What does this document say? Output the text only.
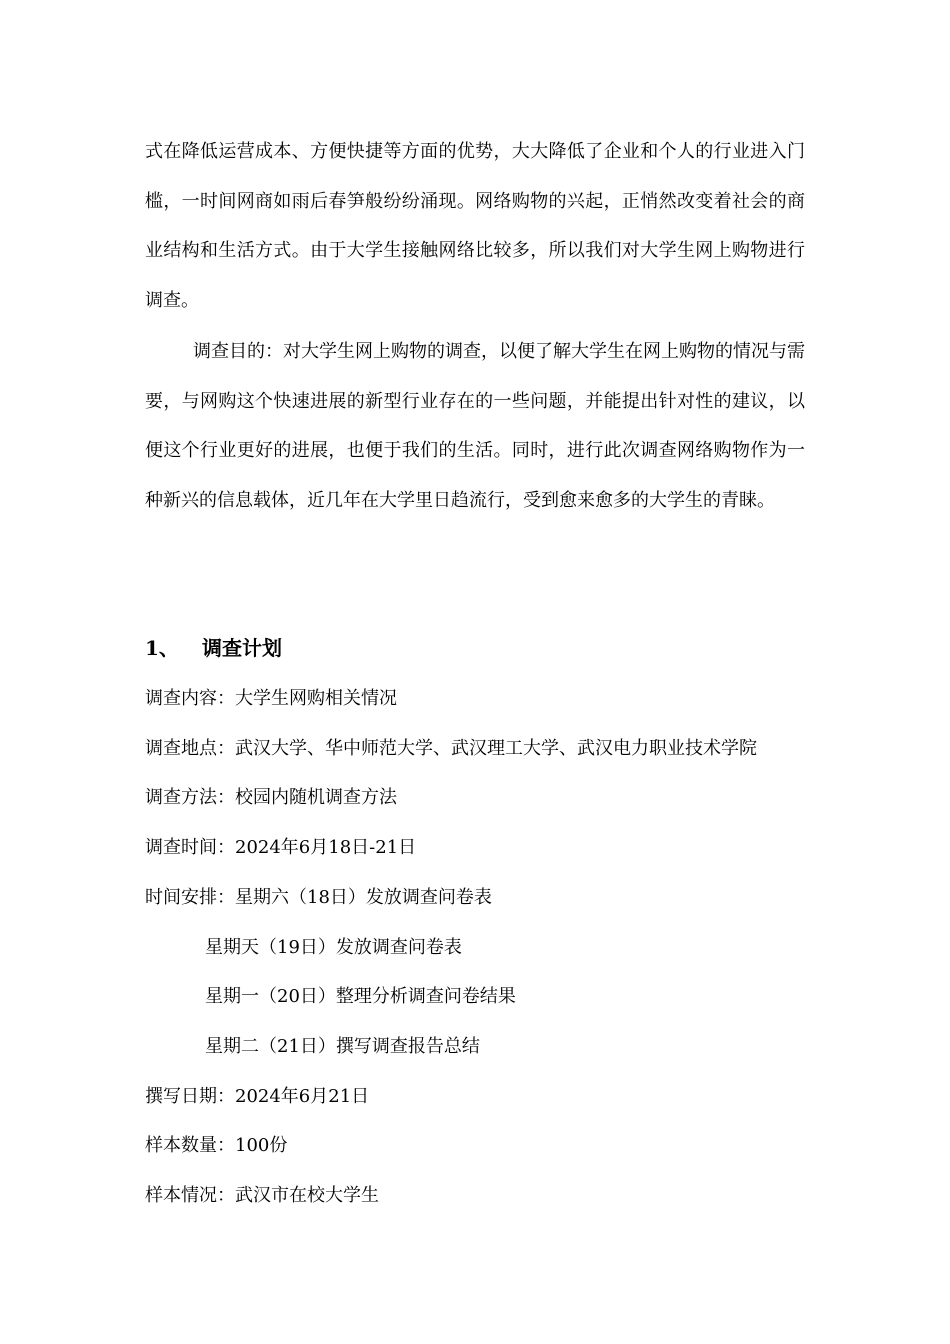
式在降低运营成本、方便快捷等方面的优势，大大降低了企业和个人的行业进入门槛，一时间网商如雨后春笋般纷纷涌现。网络购物的兴起，正悄然改变着社会的商业结构和生活方式。由于大学生接触网络比较多，所以我们对大学生网上购物进行调查。

调查目的：对大学生网上购物的调查，以便了解大学生在网上购物的情况与需要，与网购这个快速进展的新型行业存在的一些问题，并能提出针对性的建议，以便这个行业更好的进展，也便于我们的生活。同时，进行此次调查网络购物作为一种新兴的信息载体，近几年在大学里日趋流行，受到愈来愈多的大学生的青睐。

1、 调查计划
调查内容：大学生网购相关情况
调查地点：武汉大学、华中师范大学、武汉理工大学、武汉电力职业技术学院
调查方法：校园内随机调查方法
调查时间：2024年6月18日-21日
时间安排：星期六（18日）发放调查问卷表
星期天（19日）发放调查问卷表
星期一（20日）整理分析调查问卷结果
星期二（21日）撰写调查报告总结
撰写日期：2024年6月21日
样本数量：100份
样本情况：武汉市在校大学生
